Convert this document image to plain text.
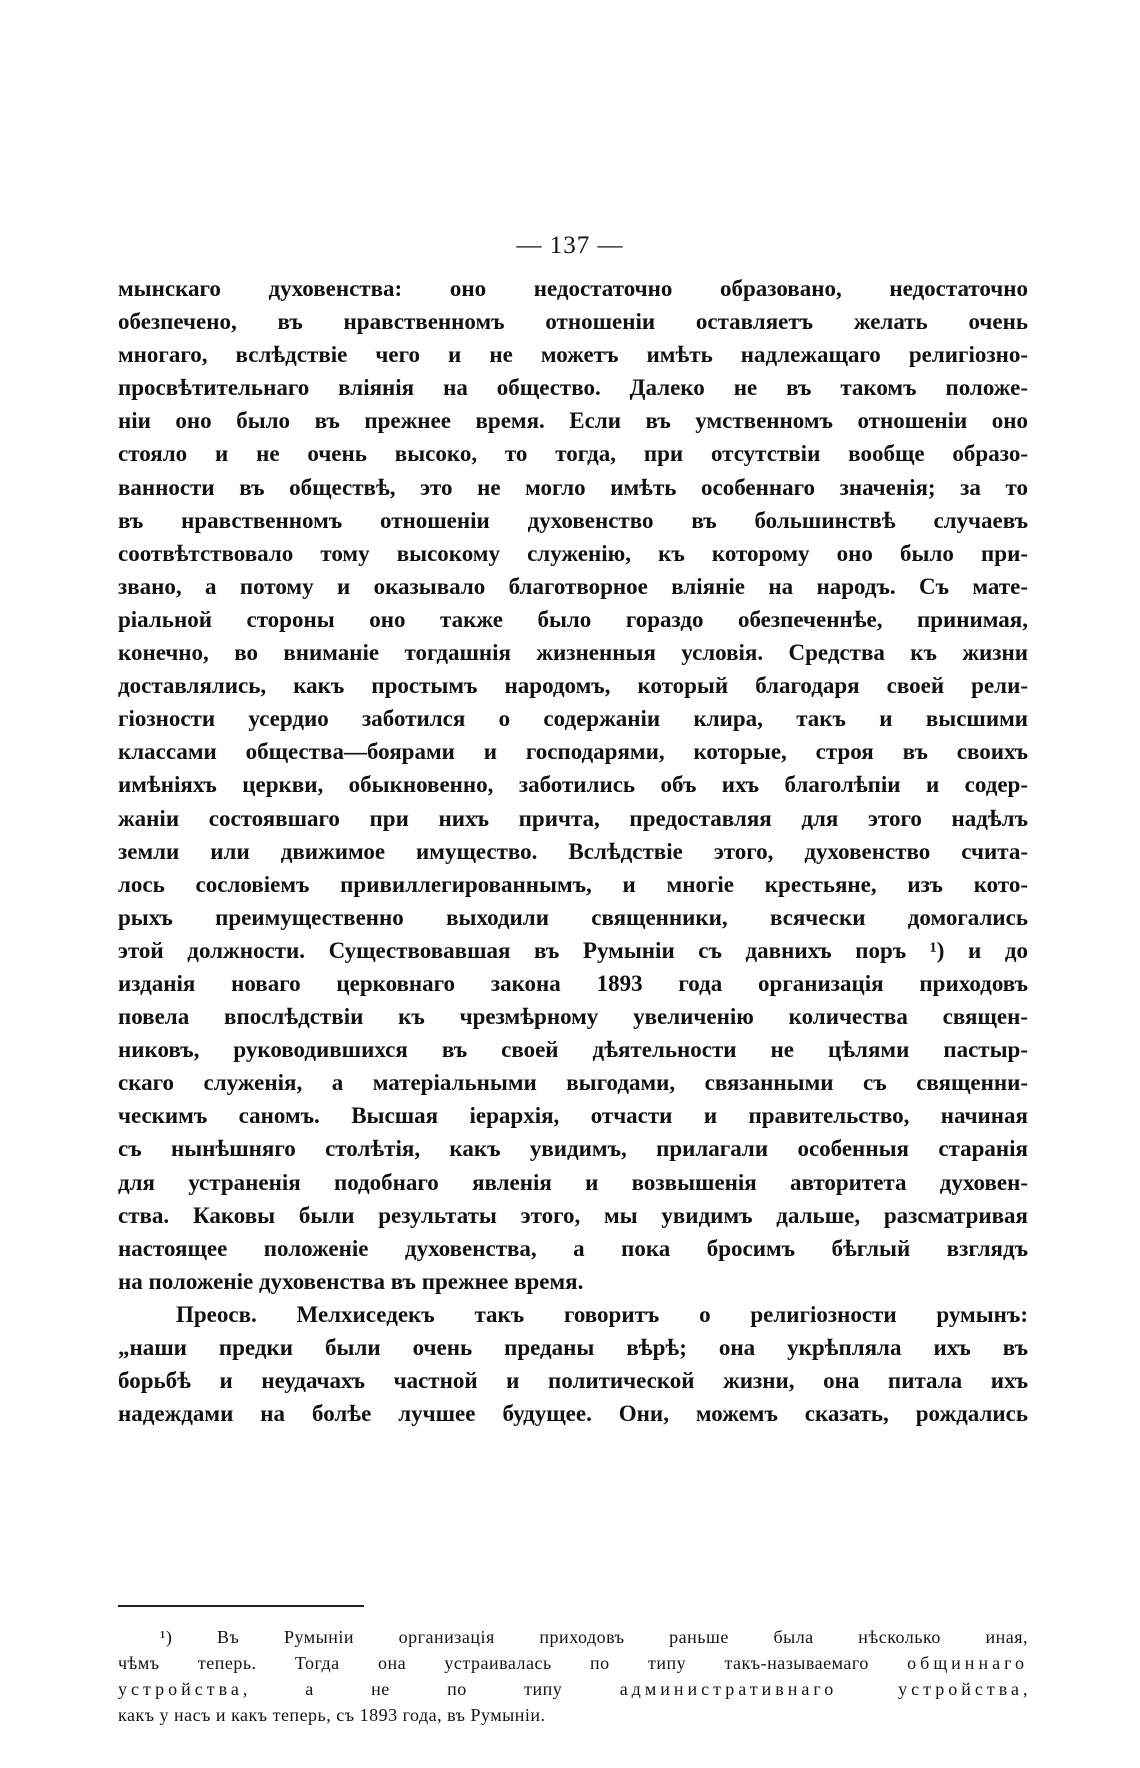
— 137 —
мынскаго духовенства: оно недостаточно образовано, недостаточно
обезпечено, въ нравственномъ отношеніи оставляетъ желать очень
многаго, вслѣдствіе чего и не можетъ имѣть надлежащаго религіозно-
просвѣтительнаго вліянія на общество. Далеко не въ такомъ положе-
ніи оно было въ прежнее время. Если въ умственномъ отношеніи оно
стояло и не очень высоко, то тогда, при отсутствіи вообще образо-
ванности въ обществѣ, это не могло имѣть особеннаго значенія; за то
въ нравственномъ отношеніи духовенство въ большинствѣ случаевъ
соотвѣтствовало тому высокому служенію, къ которому оно было при-
звано, а потому и оказывало благотворное вліяніе на народъ. Съ мате-
ріальной стороны оно также было гораздо обезпеченнѣе, принимая,
конечно, во вниманіе тогдашнія жизненныя условія. Средства къ жизни
доставлялись, какъ простымъ народомъ, который благодаря своей рели-
гіозности усердио заботился о содержаніи клира, такъ и высшими
классами общества—боярами и господарями, которые, строя въ своихъ
имѣніяхъ церкви, обыкновенно, заботились объ ихъ благолѣпіи и содер-
жаніи состоявшаго при нихъ причта, предоставляя для этого надѣлъ
земли или движимое имущество. Вслѣдствіе этого, духовенство счита-
лось сословіемъ привиллегированнымъ, и многіе крестьяне, изъ кото-
рыхъ преимущественно выходили священники, всячески домогались
этой должности. Существовавшая въ Румыніи съ давнихъ поръ ¹) и до
изданія новаго церковнаго закона 1893 года организація приходовъ
повела впослѣдствіи къ чрезмѣрному увеличенію количества священ-
никовъ, руководившихся въ своей дѣятельности не цѣлями пастыр-
скаго служенія, а матеріальными выгодами, связанными съ священни-
ческимъ саномъ. Высшая іерархія, отчасти и правительство, начиная
съ нынѣшняго столѣтія, какъ увидимъ, прилагали особенныя старанія
для устраненія подобнаго явленія и возвышенія авторитета духовен-
ства. Каковы были результаты этого, мы увидимъ дальше, разсматривая
настоящее положеніе духовенства, а пока бросимъ бѣглый взглядъ
на положеніе духовенства въ прежнее время.
Преосв. Мелхиседекъ такъ говоритъ о религіозности румынъ:
„наши предки были очень преданы вѣрѣ; она укрѣпляла ихъ въ
борьбѣ и неудачахъ частной и политической жизни, она питала ихъ
надеждами на болѣе лучшее будущее. Они, можемъ сказать, рождались
¹) Въ Румыніи организація приходовъ раньше была нѣсколько иная,
чѣмъ теперь. Тогда она устраивалась по типу такъ-называемаго общиннаго
устройства, а не по типу административнаго устройства,
какъ у насъ и какъ теперь, съ 1893 года, въ Румыніи.
